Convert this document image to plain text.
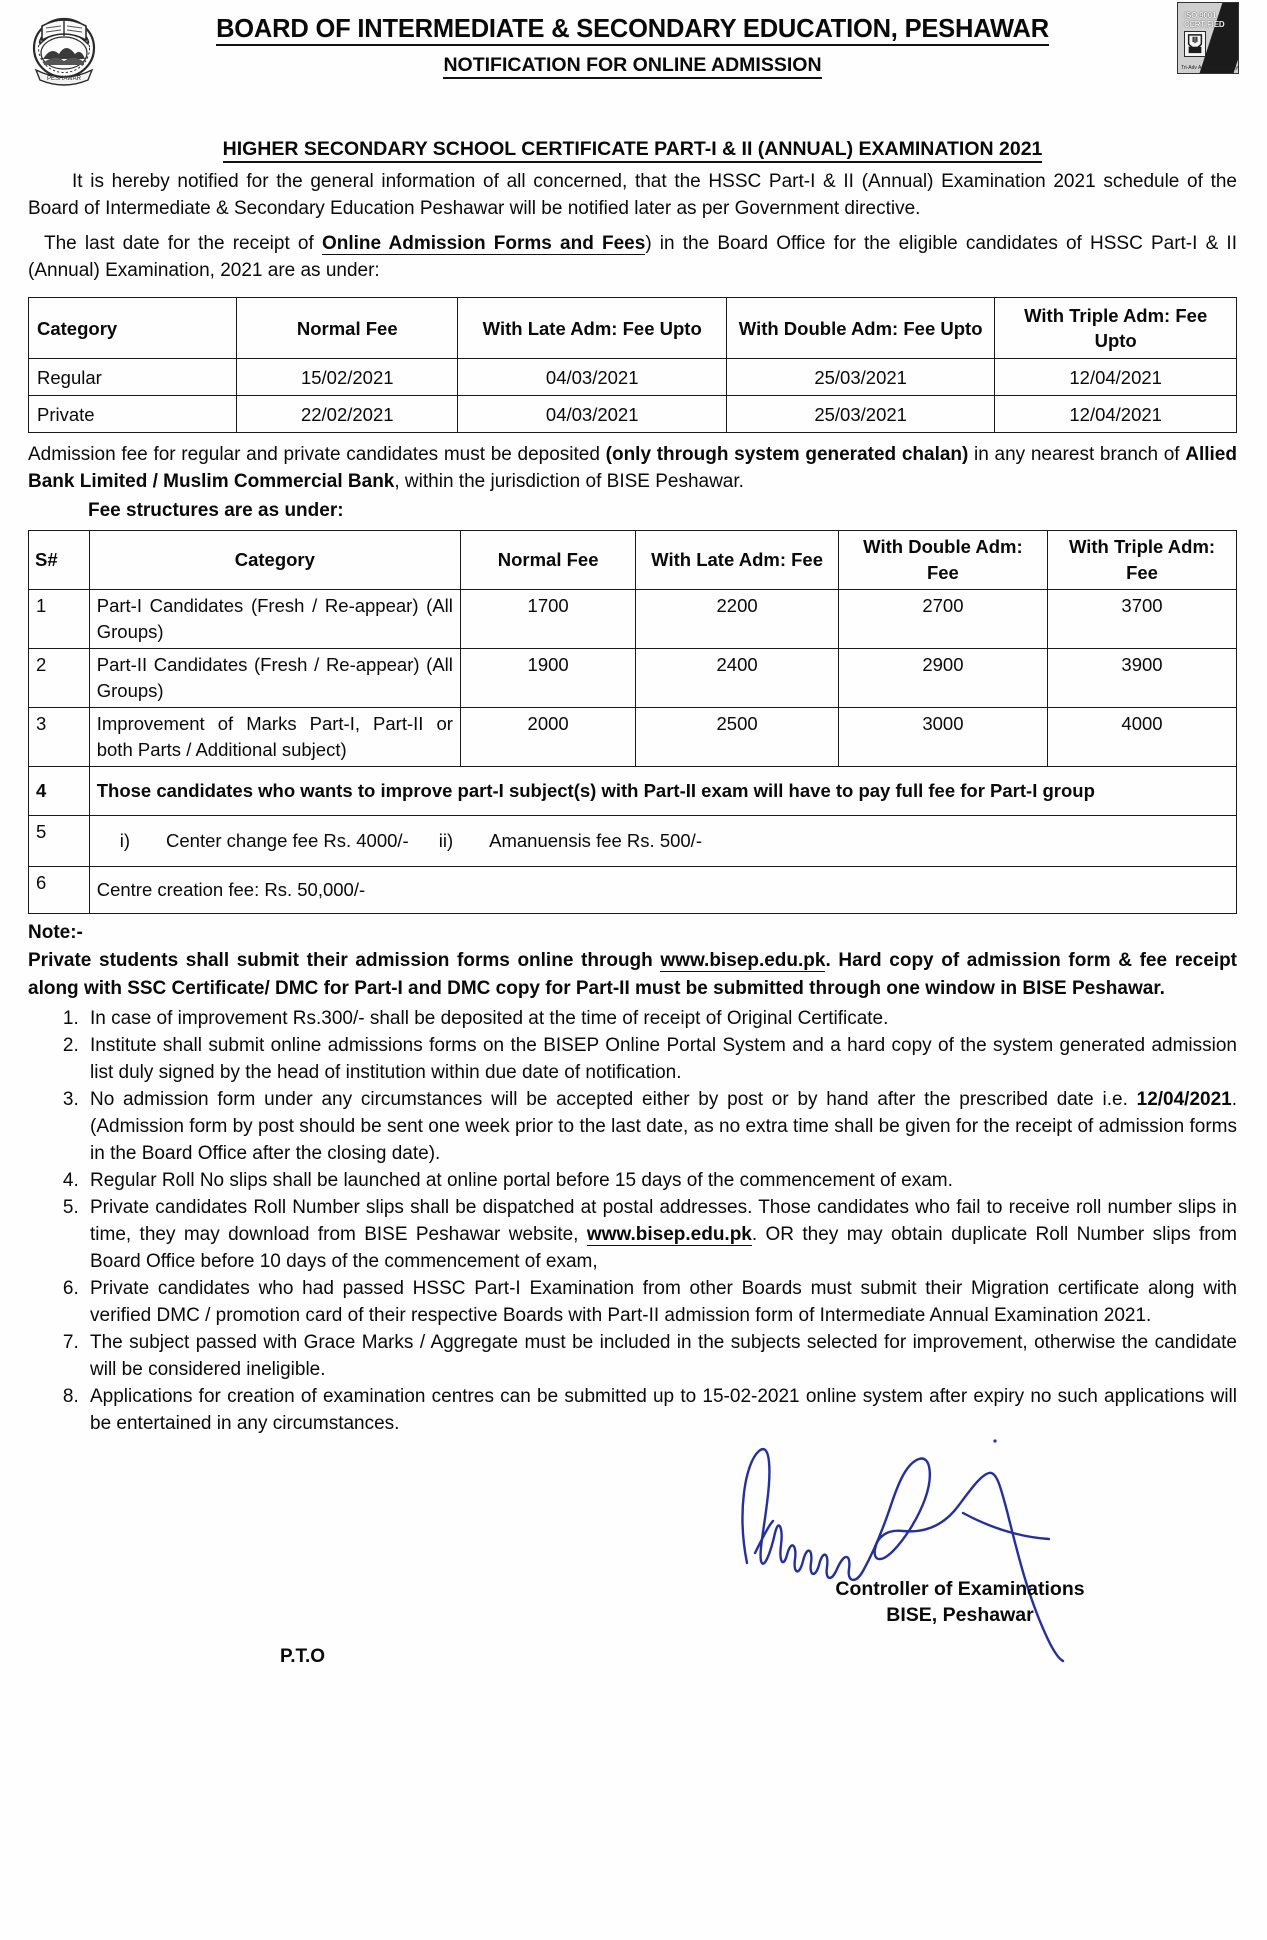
PESHAWAR
ISO 9001
CERTIFIED
Tri-Adv Assessment Body
BOARD OF INTERMEDIATE & SECONDARY EDUCATION, PESHAWAR
NOTIFICATION FOR ONLINE ADMISSION
HIGHER SECONDARY SCHOOL CERTIFICATE PART-I & II (ANNUAL) EXAMINATION 2021

It is hereby notified for the general information of all concerned, that the HSSC Part-I & II (Annual) Examination 2021 schedule of the Board of Intermediate & Secondary Education Peshawar will be notified later as per Government directive.

The last date for the receipt of Online Admission Forms and Fees) in the Board Office for the eligible candidates of HSSC Part-I & II (Annual) Examination, 2021 are as under:

Category	Normal Fee	With Late Adm: Fee Upto	With Double Adm: Fee Upto	With Triple Adm: Fee Upto
Regular	15/02/2021	04/03/2021	25/03/2021	12/04/2021
Private	22/02/2021	04/03/2021	25/03/2021	12/04/2021

Admission fee for regular and private candidates must be deposited (only through system generated chalan) in any nearest branch of Allied Bank Limited / Muslim Commercial Bank, within the jurisdiction of BISE Peshawar.

Fee structures are as under:

S#	Category	Normal Fee	With Late Adm: Fee	With Double Adm: Fee	With Triple Adm: Fee
1	Part-I Candidates (Fresh / Re-appear) (All Groups)	1700	2200	2700	3700
2	Part-II Candidates (Fresh / Re-appear) (All Groups)	1900	2400	2900	3900
3	Improvement of Marks Part-I, Part-II or both Parts / Additional subject)	2000	2500	3000	4000
4	Those candidates who wants to improve part-I subject(s) with Part-II exam will have to pay full fee for Part-I group				
5	i) Center change fee Rs. 4000/- ii) Amanuensis fee Rs. 500/-				
6	Centre creation fee: Rs. 50,000/-				
Note:-

Private students shall submit their admission forms online through www.bisep.edu.pk. Hard copy of admission form & fee receipt along with SSC Certificate/ DMC for Part-I and DMC copy for Part-II must be submitted through one window in BISE Peshawar.

1. In case of improvement Rs.300/- shall be deposited at the time of receipt of Original Certificate.
2. Institute shall submit online admissions forms on the BISEP Online Portal System and a hard copy of the system generated admission list duly signed by the head of institution within due date of notification.
3. No admission form under any circumstances will be accepted either by post or by hand after the prescribed date i.e. 12/04/2021. (Admission form by post should be sent one week prior to the last date, as no extra time shall be given for the receipt of admission forms in the Board Office after the closing date).
4. Regular Roll No slips shall be launched at online portal before 15 days of the commencement of exam.
5. Private candidates Roll Number slips shall be dispatched at postal addresses. Those candidates who fail to receive roll number slips in time, they may download from BISE Peshawar website, www.bisep.edu.pk. OR they may obtain duplicate Roll Number slips from Board Office before 10 days of the commencement of exam,
6. Private candidates who had passed HSSC Part-I Examination from other Boards must submit their Migration certificate along with verified DMC / promotion card of their respective Boards with Part-II admission form of Intermediate Annual Examination 2021.
7. The subject passed with Grace Marks / Aggregate must be included in the subjects selected for improvement, otherwise the candidate will be considered ineligible.
8. Applications for creation of examination centres can be submitted up to 15-02-2021 online system after expiry no such applications will be entertained in any circumstances.
Controller of Examinations
BISE, Peshawar
P.T.O
